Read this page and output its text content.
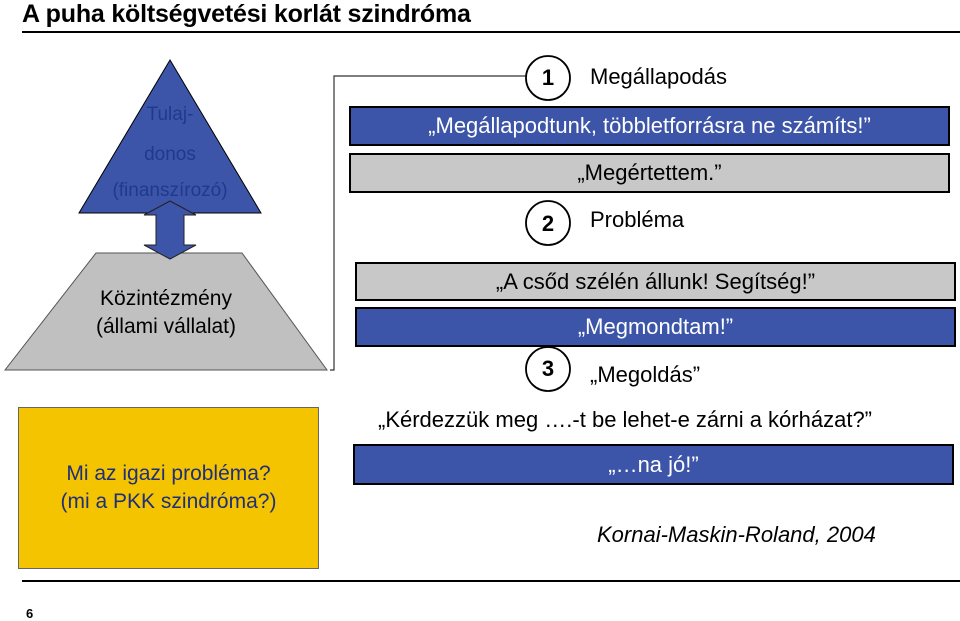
A puha költségvetési korlát szindróma
Tulaj-
donos
(finanszírozó)
Közintézmény
(állami vállalat)
Mi az igazi probléma?
(mi a PKK szindróma?)
1	Megállapodás
2	Probléma
3	„Megoldás”
„Megállapodtunk, többletforrásra ne számíts!”
„Megértettem.”
„A csőd szélén állunk! Segítség!”
„Megmondtam!”
„Kérdezzük meg ….-t be lehet-e zárni a kórházat?”
„…na jó!”
Kornai-Maskin-Roland, 2004
6
